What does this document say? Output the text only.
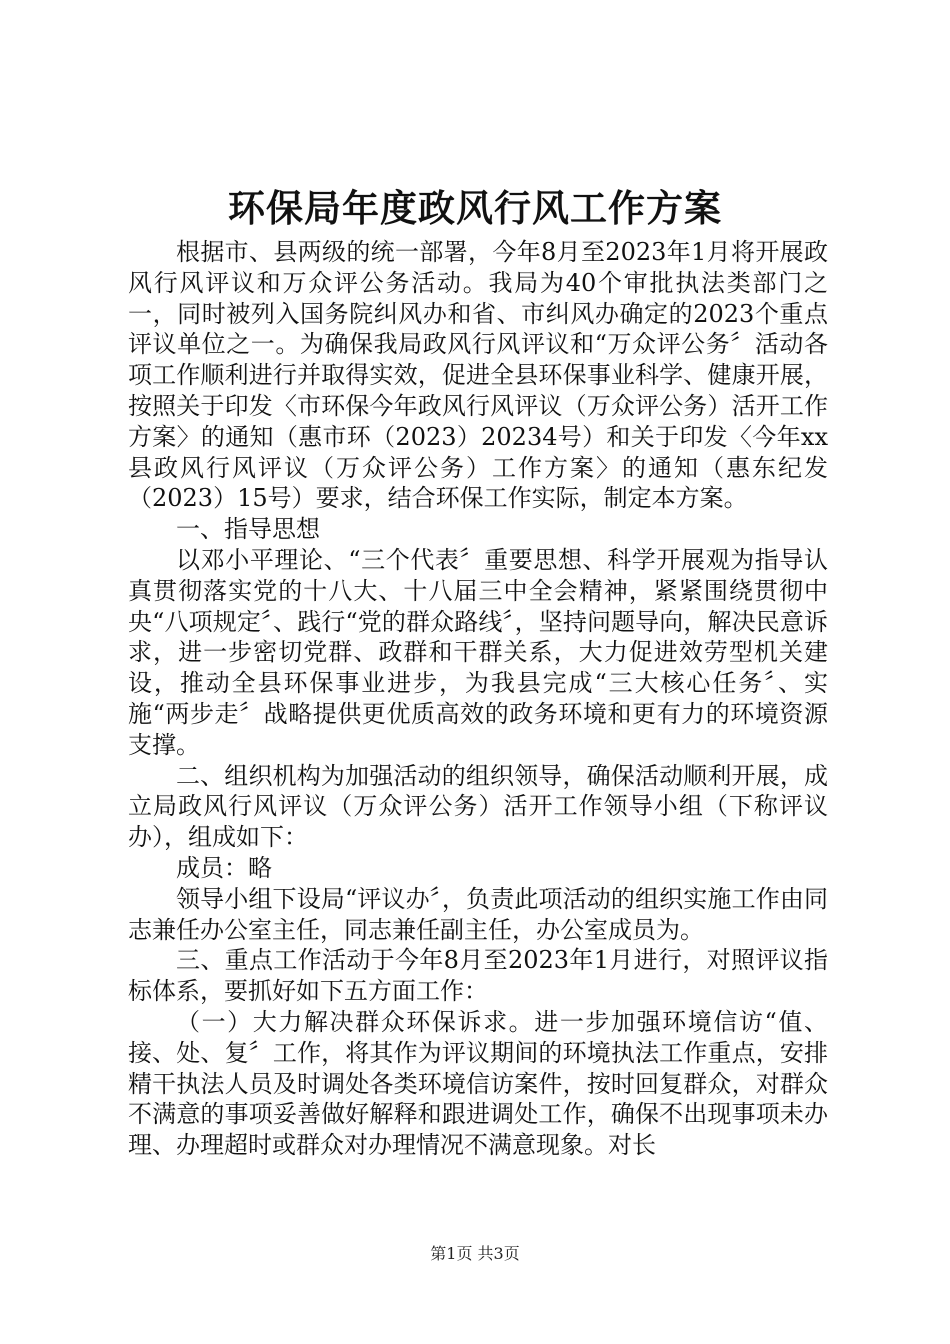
环保局年度政风行风工作方案

根据市、县两级的统一部署，今年8月至2023年1月将开展政风行风评议和万众评公务活动。我局为40个审批执法类部门之一，同时被列入国务院纠风办和省、市纠风办确定的2023个重点评议单位之一。为确保我局政风行风评议和“万众评公务〞活动各项工作顺利进行并取得实效，促进全县环保事业科学、健康开展，按照关于印发〈市环保今年政风行风评议（万众评公务）活开工作方案〉的通知（惠市环（2023）20234号）和关于印发〈今年xx县政风行风评议（万众评公务）工作方案〉的通知（惠东纪发（2023）15号）要求，结合环保工作实际，制定本方案。

一、指导思想

以邓小平理论、“三个代表〞重要思想、科学开展观为指导认真贯彻落实党的十八大、十八届三中全会精神，紧紧围绕贯彻中央“八项规定〞、践行“党的群众路线〞，坚持问题导向，解决民意诉求，进一步密切党群、政群和干群关系，大力促进效劳型机关建设，推动全县环保事业进步，为我县完成“三大核心任务〞、实施“两步走〞战略提供更优质高效的政务环境和更有力的环境资源支撑。

二、组织机构为加强活动的组织领导，确保活动顺利开展，成立局政风行风评议（万众评公务）活开工作领导小组（下称评议办），组成如下：

成员：略

领导小组下设局“评议办〞，负责此项活动的组织实施工作由同志兼任办公室主任，同志兼任副主任，办公室成员为。

三、重点工作活动于今年8月至2023年1月进行，对照评议指标体系，要抓好如下五方面工作：

（一）大力解决群众环保诉求。进一步加强环境信访“值、接、处、复〞工作，将其作为评议期间的环境执法工作重点，安排精干执法人员及时调处各类环境信访案件，按时回复群众，对群众不满意的事项妥善做好解释和跟进调处工作，确保不出现事项未办理、办理超时或群众对办理情况不满意现象。对长

第1页 共3页
